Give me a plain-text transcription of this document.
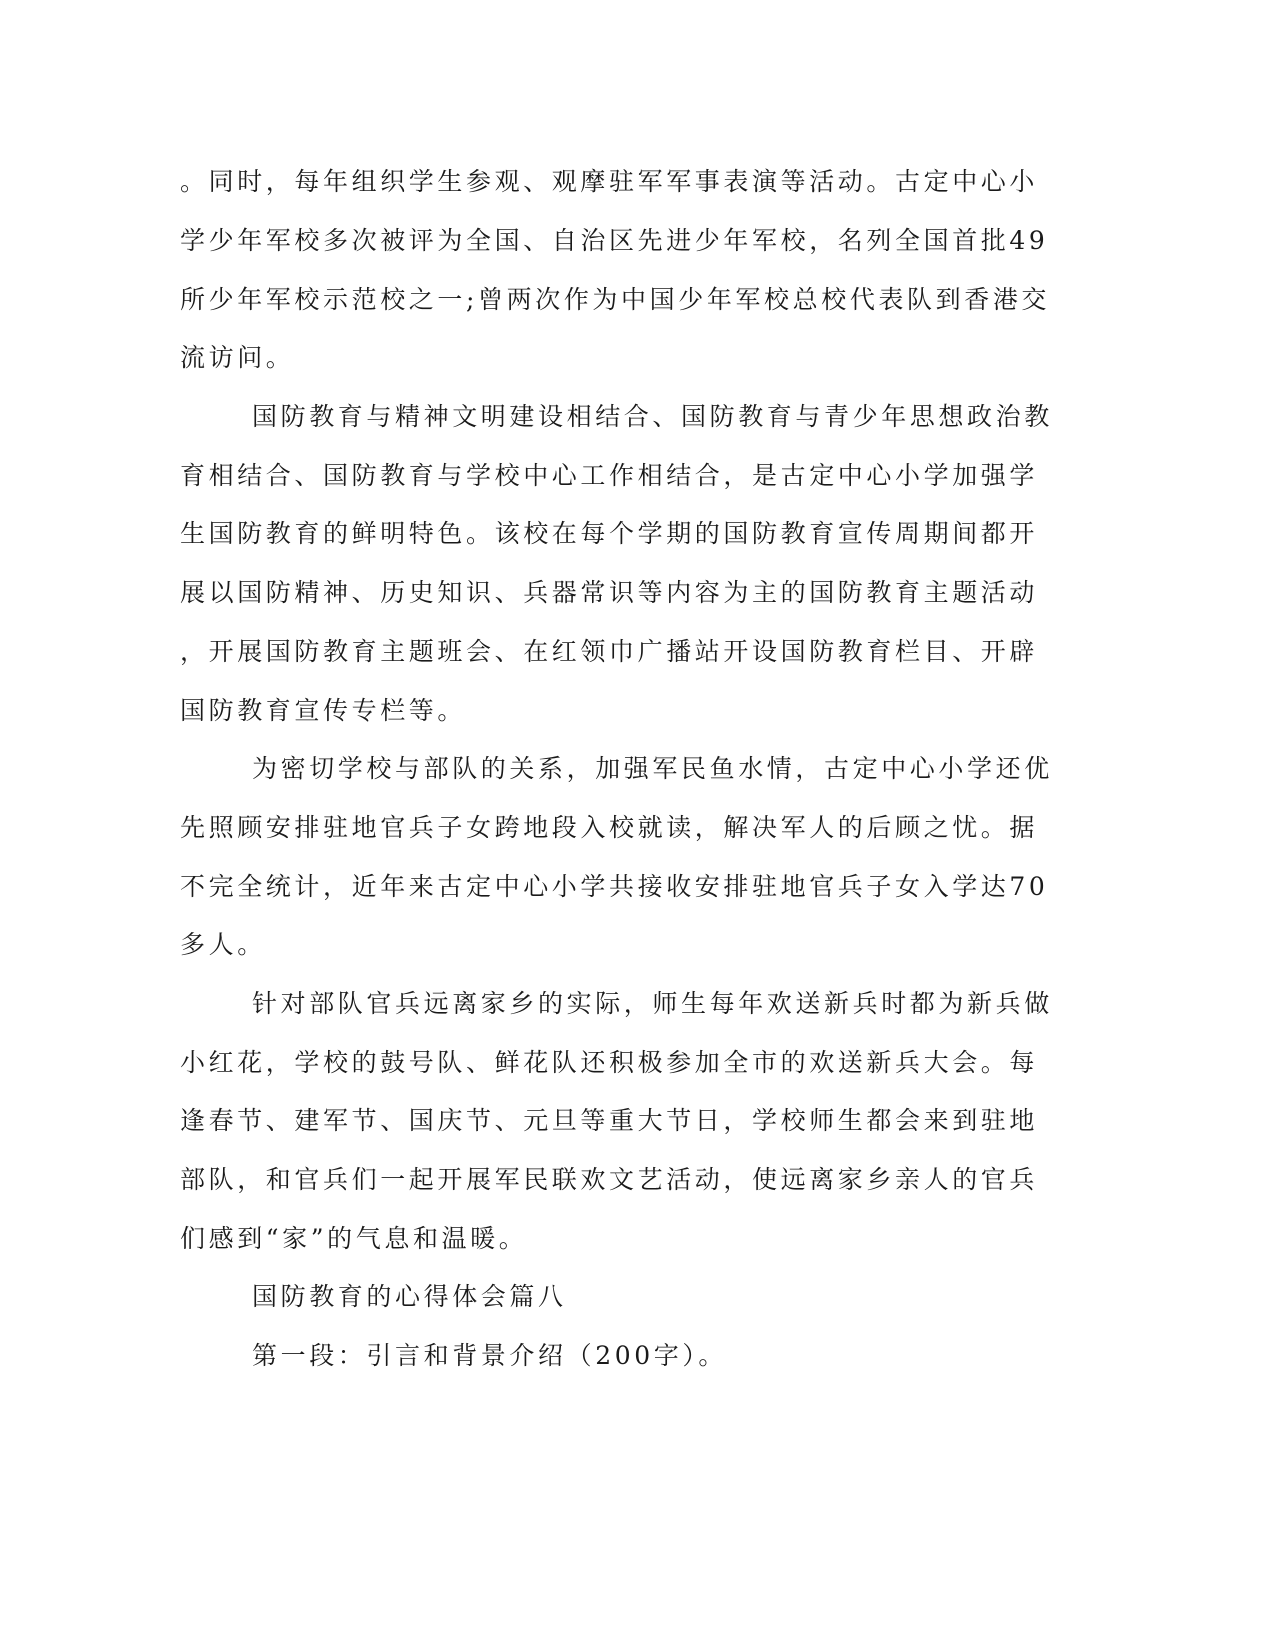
。同时，每年组织学生参观、观摩驻军军事表演等活动。古定中心小
学少年军校多次被评为全国、自治区先进少年军校，名列全国首批49
所少年军校示范校之一;曾两次作为中国少年军校总校代表队到香港交
流访问。
国防教育与精神文明建设相结合、国防教育与青少年思想政治教
育相结合、国防教育与学校中心工作相结合，是古定中心小学加强学
生国防教育的鲜明特色。该校在每个学期的国防教育宣传周期间都开
展以国防精神、历史知识、兵器常识等内容为主的国防教育主题活动
，开展国防教育主题班会、在红领巾广播站开设国防教育栏目、开辟
国防教育宣传专栏等。
为密切学校与部队的关系，加强军民鱼水情，古定中心小学还优
先照顾安排驻地官兵子女跨地段入校就读，解决军人的后顾之忧。据
不完全统计，近年来古定中心小学共接收安排驻地官兵子女入学达70
多人。
针对部队官兵远离家乡的实际，师生每年欢送新兵时都为新兵做
小红花，学校的鼓号队、鲜花队还积极参加全市的欢送新兵大会。每
逢春节、建军节、国庆节、元旦等重大节日，学校师生都会来到驻地
部队，和官兵们一起开展军民联欢文艺活动，使远离家乡亲人的官兵
们感到“家”的气息和温暖。
国防教育的心得体会篇八
第一段：引言和背景介绍（200字）。
